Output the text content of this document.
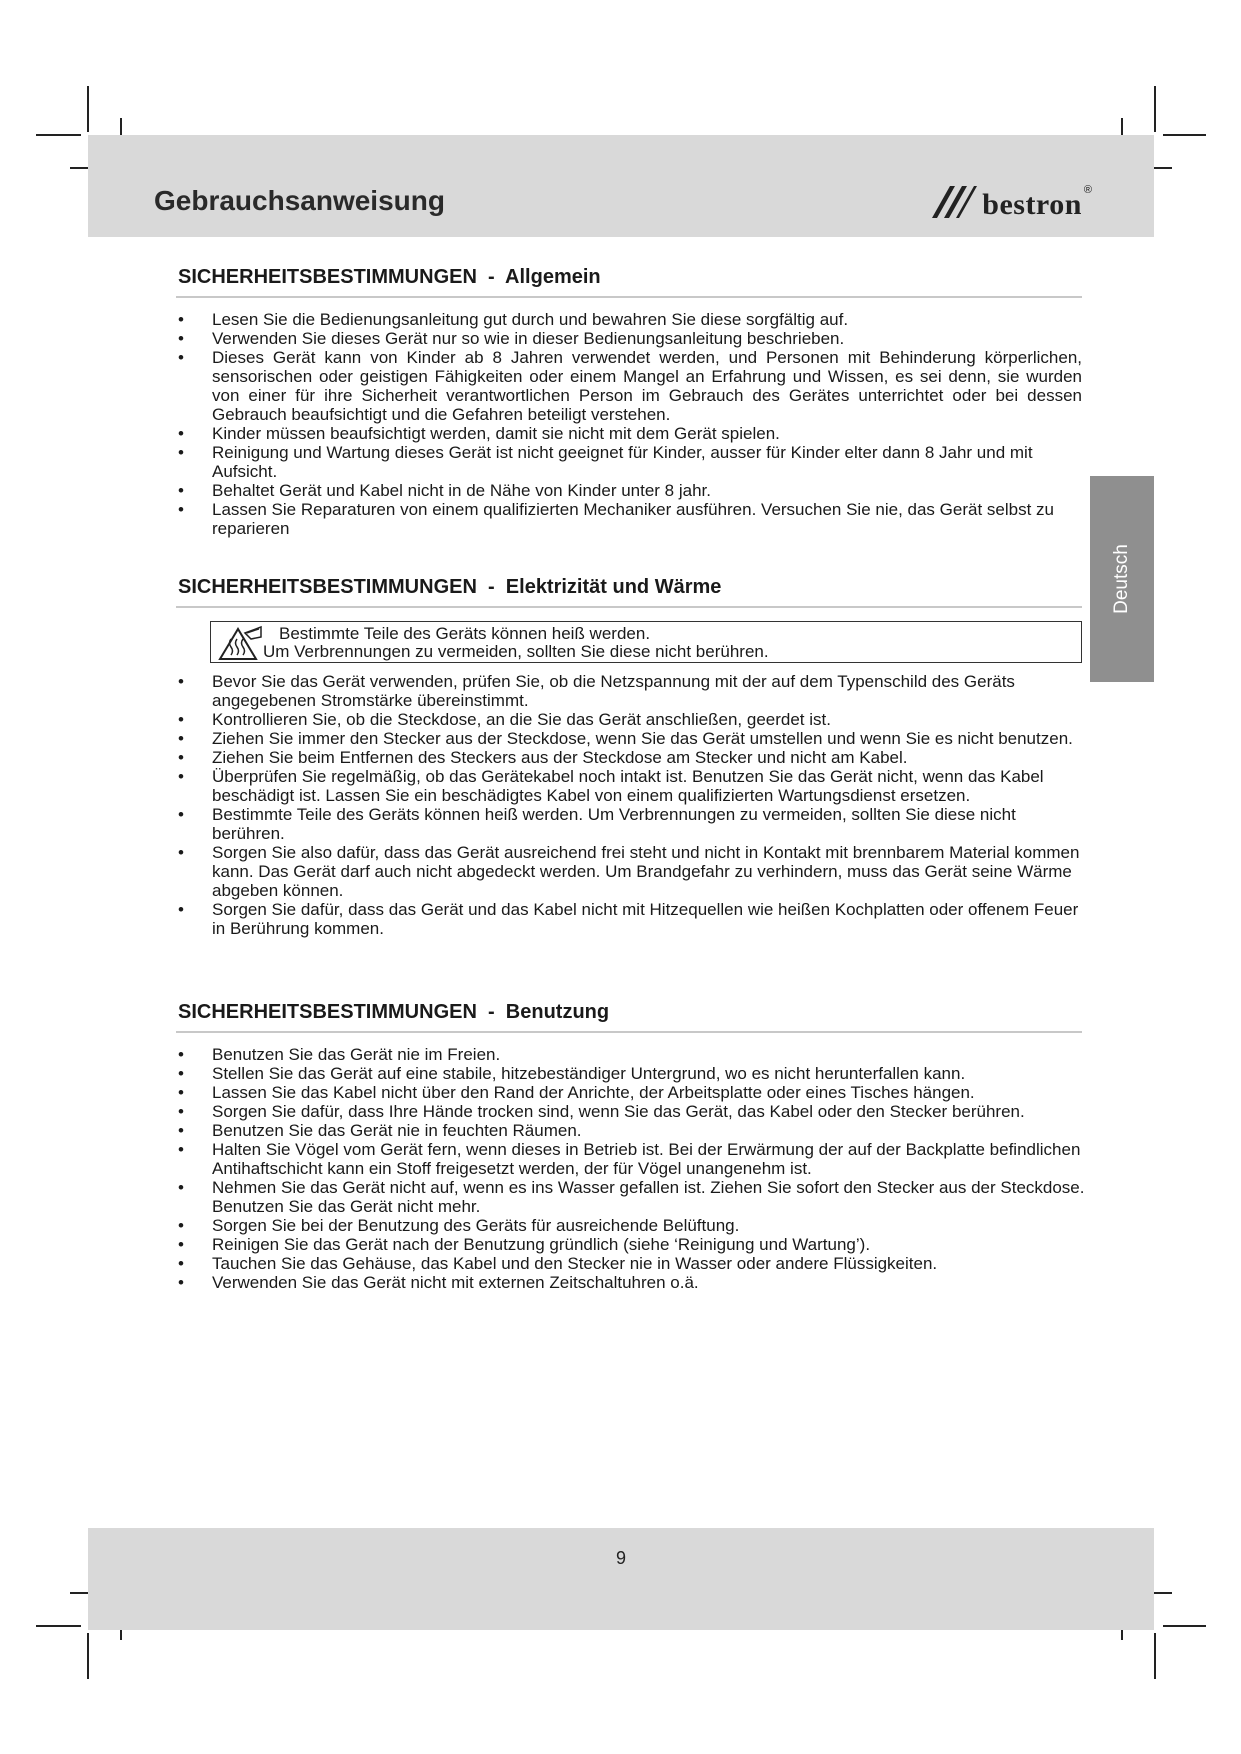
Gebrauchsanweisung	bestron ®
Deutsch
SICHERHEITSBESTIMMUNGEN  -  Allgemein
• Lesen Sie die Bedienungsanleitung gut durch und bewahren Sie diese sorgfältig auf.
• Verwenden Sie dieses Gerät nur so wie in dieser Bedienungsanleitung beschrieben.
• Dieses Gerät kann von Kinder ab 8 Jahren verwendet werden, und Personen mit Behinderung körperlichen, sensorischen oder geistigen Fähigkeiten oder einem Mangel an Erfahrung und Wissen, es sei denn, sie wurden von einer für ihre Sicherheit verantwortlichen Person im Gebrauch des Gerätes unterrichtet oder bei dessen Gebrauch beaufsichtigt und die Gefahren beteiligt verstehen.
• Kinder müssen beaufsichtigt werden, damit sie nicht mit dem Gerät spielen.
• Reinigung und Wartung dieses Gerät ist nicht geeignet für Kinder, ausser für Kinder elter dann 8 Jahr und mit Aufsicht.
• Behaltet Gerät und Kabel nicht in de Nähe von Kinder unter 8 jahr.
• Lassen Sie Reparaturen von einem qualifizierten Mechaniker ausführen. Versuchen Sie nie, das Gerät selbst zu reparieren
SICHERHEITSBESTIMMUNGEN  -  Elektrizität und Wärme
Bestimmte Teile des Geräts können heiß werden.
Um Verbrennungen zu vermeiden, sollten Sie diese nicht berühren.
• Bevor Sie das Gerät verwenden, prüfen Sie, ob die Netzspannung mit der auf dem Typenschild des Geräts angegebenen Stromstärke übereinstimmt.
• Kontrollieren Sie, ob die Steckdose, an die Sie das Gerät anschließen, geerdet ist.
• Ziehen Sie immer den Stecker aus der Steckdose, wenn Sie das Gerät umstellen und wenn Sie es nicht benutzen.
• Ziehen Sie beim Entfernen des Steckers aus der Steckdose am Stecker und nicht am Kabel.
• Überprüfen Sie regelmäßig, ob das Gerätekabel noch intakt ist. Benutzen Sie das Gerät nicht, wenn das Kabel beschädigt ist. Lassen Sie ein beschädigtes Kabel von einem qualifizierten Wartungsdienst ersetzen.
• Bestimmte Teile des Geräts können heiß werden. Um Verbrennungen zu vermeiden, sollten Sie diese nicht berühren.
• Sorgen Sie also dafür, dass das Gerät ausreichend frei steht und nicht in Kontakt mit brennbarem Material kommen kann. Das Gerät darf auch nicht abgedeckt werden. Um Brandgefahr zu verhindern, muss das Gerät seine Wärme abgeben können.
• Sorgen Sie dafür, dass das Gerät und das Kabel nicht mit Hitzequellen wie heißen Kochplatten oder offenem Feuer in Berührung kommen.
SICHERHEITSBESTIMMUNGEN  -  Benutzung
• Benutzen Sie das Gerät nie im Freien.
• Stellen Sie das Gerät auf eine stabile, hitzebeständiger Untergrund, wo es nicht herunterfallen kann.
• Lassen Sie das Kabel nicht über den Rand der Anrichte, der Arbeitsplatte oder eines Tisches hängen.
• Sorgen Sie dafür, dass Ihre Hände trocken sind, wenn Sie das Gerät, das Kabel oder den Stecker berühren.
• Benutzen Sie das Gerät nie in feuchten Räumen.
• Halten Sie Vögel vom Gerät fern, wenn dieses in Betrieb ist. Bei der Erwärmung der auf der Backplatte befindlichen Antihaftschicht kann ein Stoff freigesetzt werden, der für Vögel unangenehm ist.
• Nehmen Sie das Gerät nicht auf, wenn es ins Wasser gefallen ist. Ziehen Sie sofort den Stecker aus der Steckdose. Benutzen Sie das Gerät nicht mehr.
• Sorgen Sie bei der Benutzung des Geräts für ausreichende Belüftung.
• Reinigen Sie das Gerät nach der Benutzung gründlich (siehe ‘Reinigung und Wartung’).
• Tauchen Sie das Gehäuse, das Kabel und den Stecker nie in Wasser oder andere Flüssigkeiten.
• Verwenden Sie das Gerät nicht mit externen Zeitschaltuhren o.ä.
9
